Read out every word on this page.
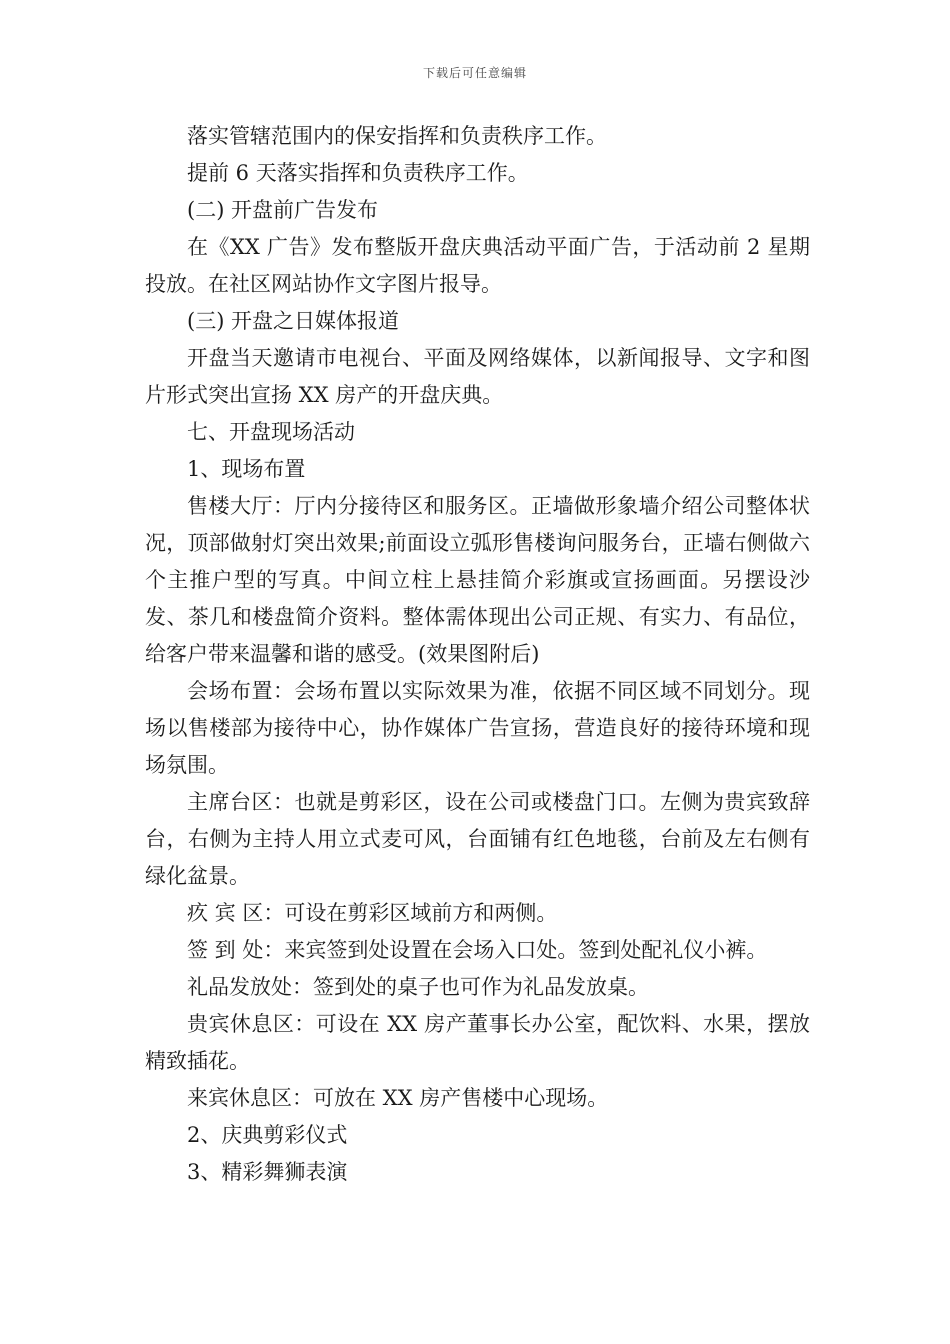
下载后可任意编辑

落实管辖范围内的保安指挥和负责秩序工作。

提前 6 天落实指挥和负责秩序工作。

(二) 开盘前广告发布

在《XX 广告》发布整版开盘庆典活动平面广告，于活动前 2 星期投放。在社区网站协作文字图片报导。

(三) 开盘之日媒体报道

开盘当天邀请市电视台、平面及网络媒体，以新闻报导、文字和图片形式突出宣扬 XX 房产的开盘庆典。

七、开盘现场活动

1、现场布置

售楼大厅：厅内分接待区和服务区。正墙做形象墙介绍公司整体状况，顶部做射灯突出效果;前面设立弧形售楼询问服务台，正墙右侧做六个主推户型的写真。中间立柱上悬挂简介彩旗或宣扬画面。另摆设沙发、茶几和楼盘简介资料。整体需体现出公司正规、有实力、有品位，给客户带来温馨和谐的感受。(效果图附后)

会场布置：会场布置以实际效果为准，依据不同区域不同划分。现场以售楼部为接待中心，协作媒体广告宣扬，营造良好的接待环境和现场氛围。

主席台区：也就是剪彩区，设在公司或楼盘门口。左侧为贵宾致辞台，右侧为主持人用立式麦可风，台面铺有红色地毯，台前及左右侧有绿化盆景。

疚 宾 区：可设在剪彩区域前方和两侧。

签 到 处：来宾签到处设置在会场入口处。签到处配礼仪小裤。

礼品发放处：签到处的桌子也可作为礼品发放桌。

贵宾休息区：可设在 XX 房产董事长办公室，配饮料、水果，摆放精致插花。

来宾休息区：可放在 XX 房产售楼中心现场。

2、庆典剪彩仪式

3、精彩舞狮表演
